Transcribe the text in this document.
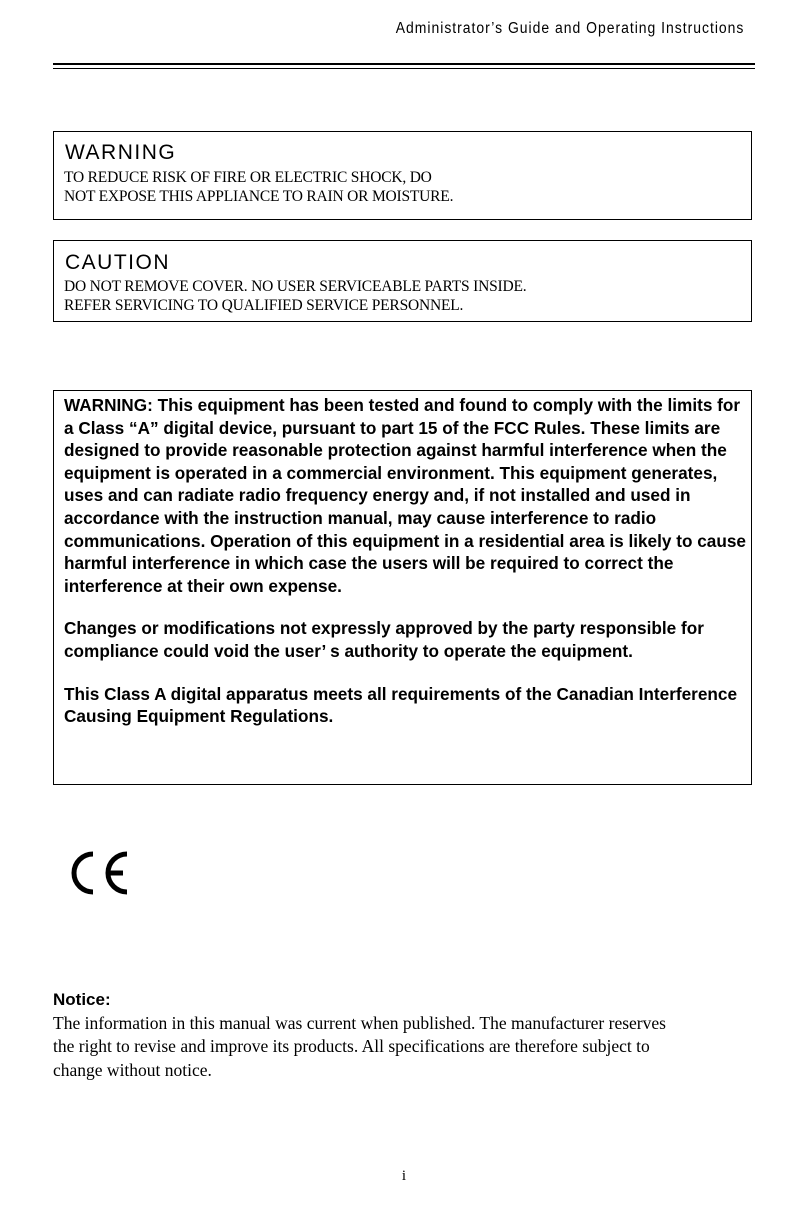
Administrator’s Guide and Operating Instructions
WARNING
TO REDUCE RISK OF FIRE OR ELECTRIC SHOCK, DO
NOT EXPOSE THIS APPLIANCE TO RAIN OR MOISTURE.
CAUTION
DO NOT REMOVE COVER. NO USER SERVICEABLE PARTS INSIDE.
REFER SERVICING TO QUALIFIED SERVICE PERSONNEL.

WARNING: This equipment has been tested and found to comply with the limits for a Class “A” digital device, pursuant to part 15 of the FCC Rules. These limits are designed to provide reasonable protection against harmful interference when the equipment is operated in a commercial environment. This equipment generates, uses and can radiate radio frequency energy and, if not installed and used in accordance with the instruction manual, may cause interference to radio communications. Operation of this equipment in a residential area is likely to cause harmful interference in which case the users will be required to correct the interference at their own expense.

Changes or modifications not expressly approved by the party responsible for compliance could void the user’ s authority to operate the equipment.

This Class A digital apparatus meets all requirements of the Canadian Interference Causing Equipment Regulations.

Notice:
The information in this manual was current when published. The manufacturer reserves
the right to revise and improve its products. All specifications are therefore subject to
change without notice.
i
